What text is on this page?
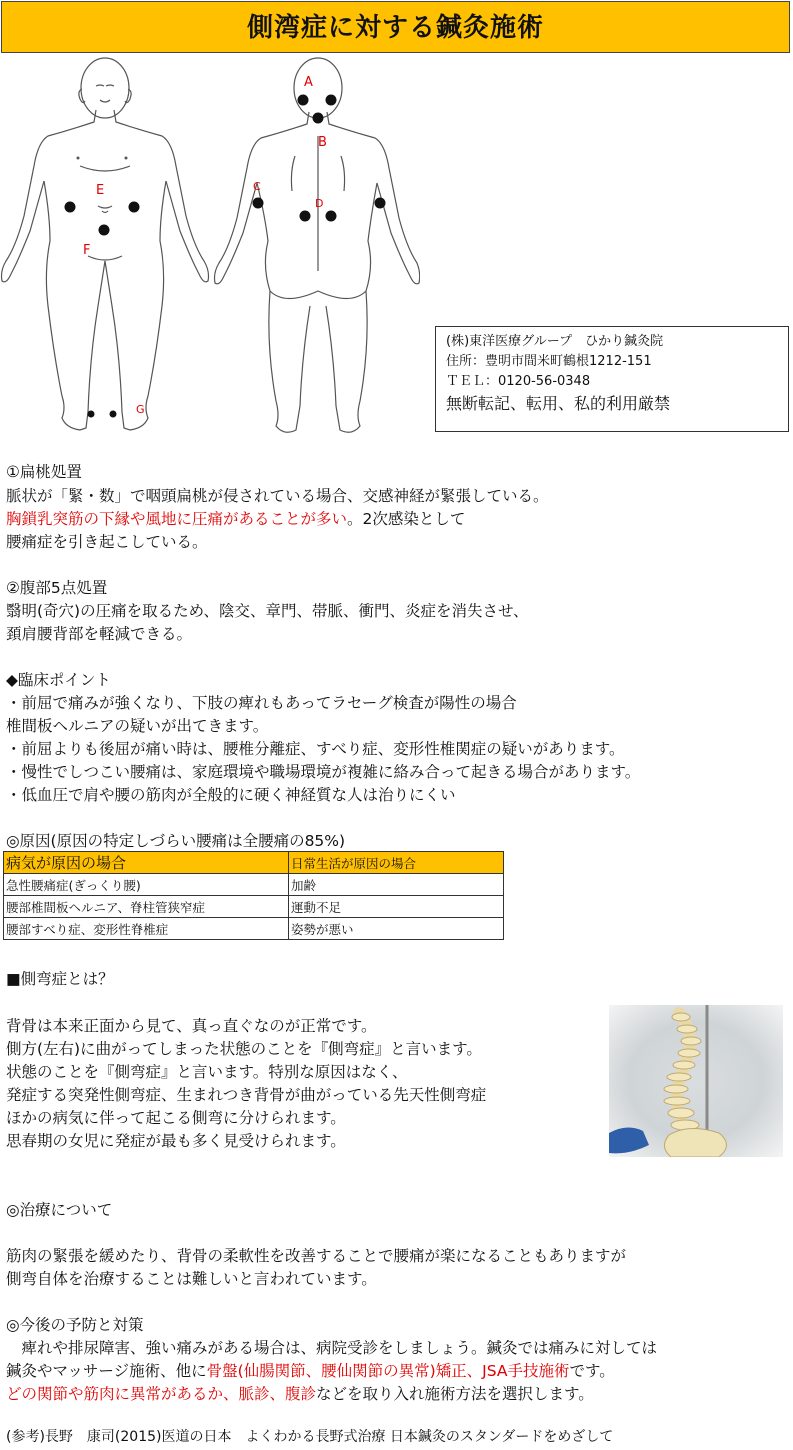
側湾症に対する鍼灸施術
A
B
C
D
E
F
G
(株)東洋医療グループ　ひかり鍼灸院
住所：豊明市間米町鶴根1212-151
ＴＥＬ：0120-56-0348
無断転記、転用、私的利用厳禁
①扁桃処置
脈状が「緊・数」で咽頭扁桃が侵されている場合、交感神経が緊張している。
胸鎖乳突筋の下縁や風地に圧痛があることが多い。2次感染として
腰痛症を引き起こしている。
②腹部5点処置
翳明(奇穴)の圧痛を取るため、陰交、章門、帯脈、衝門、炎症を消失させ、
頚肩腰背部を軽減できる。
◆臨床ポイント
・前屈で痛みが強くなり、下肢の痺れもあってラセーグ検査が陽性の場合
椎間板ヘルニアの疑いが出てきます。
・前屈よりも後屈が痛い時は、腰椎分離症、すべり症、変形性椎関症の疑いがあります。
・慢性でしつこい腰痛は、家庭環境や職場環境が複雑に絡み合って起きる場合があります。
・低血圧で肩や腰の筋肉が全般的に硬く神経質な人は治りにくい
◎原因(原因の特定しづらい腰痛は全腰痛の85%)
病気が原因の場合	日常生活が原因の場合
急性腰痛症(ぎっくり腰)	加齢
腰部椎間板ヘルニア、脊柱管狭窄症	運動不足
腰部すべり症、変形性脊椎症	姿勢が悪い
■側弯症とは？
背骨は本来正面から見て、真っ直ぐなのが正常です。
側方(左右)に曲がってしまった状態のことを『側弯症』と言います。
状態のことを『側弯症』と言います。特別な原因はなく、
発症する突発性側弯症、生まれつき背骨が曲がっている先天性側弯症
ほかの病気に伴って起こる側弯に分けられます。
思春期の女児に発症が最も多く見受けられます。
◎治療について
筋肉の緊張を緩めたり、背骨の柔軟性を改善することで腰痛が楽になることもありますが
側弯自体を治療することは難しいと言われています。
◎今後の予防と対策
　痺れや排尿障害、強い痛みがある場合は、病院受診をしましょう。鍼灸では痛みに対しては
鍼灸やマッサージ施術、他に骨盤(仙腸関節、腰仙関節の異常)矯正、JSA手技施術です。
どの関節や筋肉に異常があるか、脈診、腹診などを取り入れ施術方法を選択します。
(参考)長野　康司(2015)医道の日本　よくわかる長野式治療 日本鍼灸のスタンダードをめざして
